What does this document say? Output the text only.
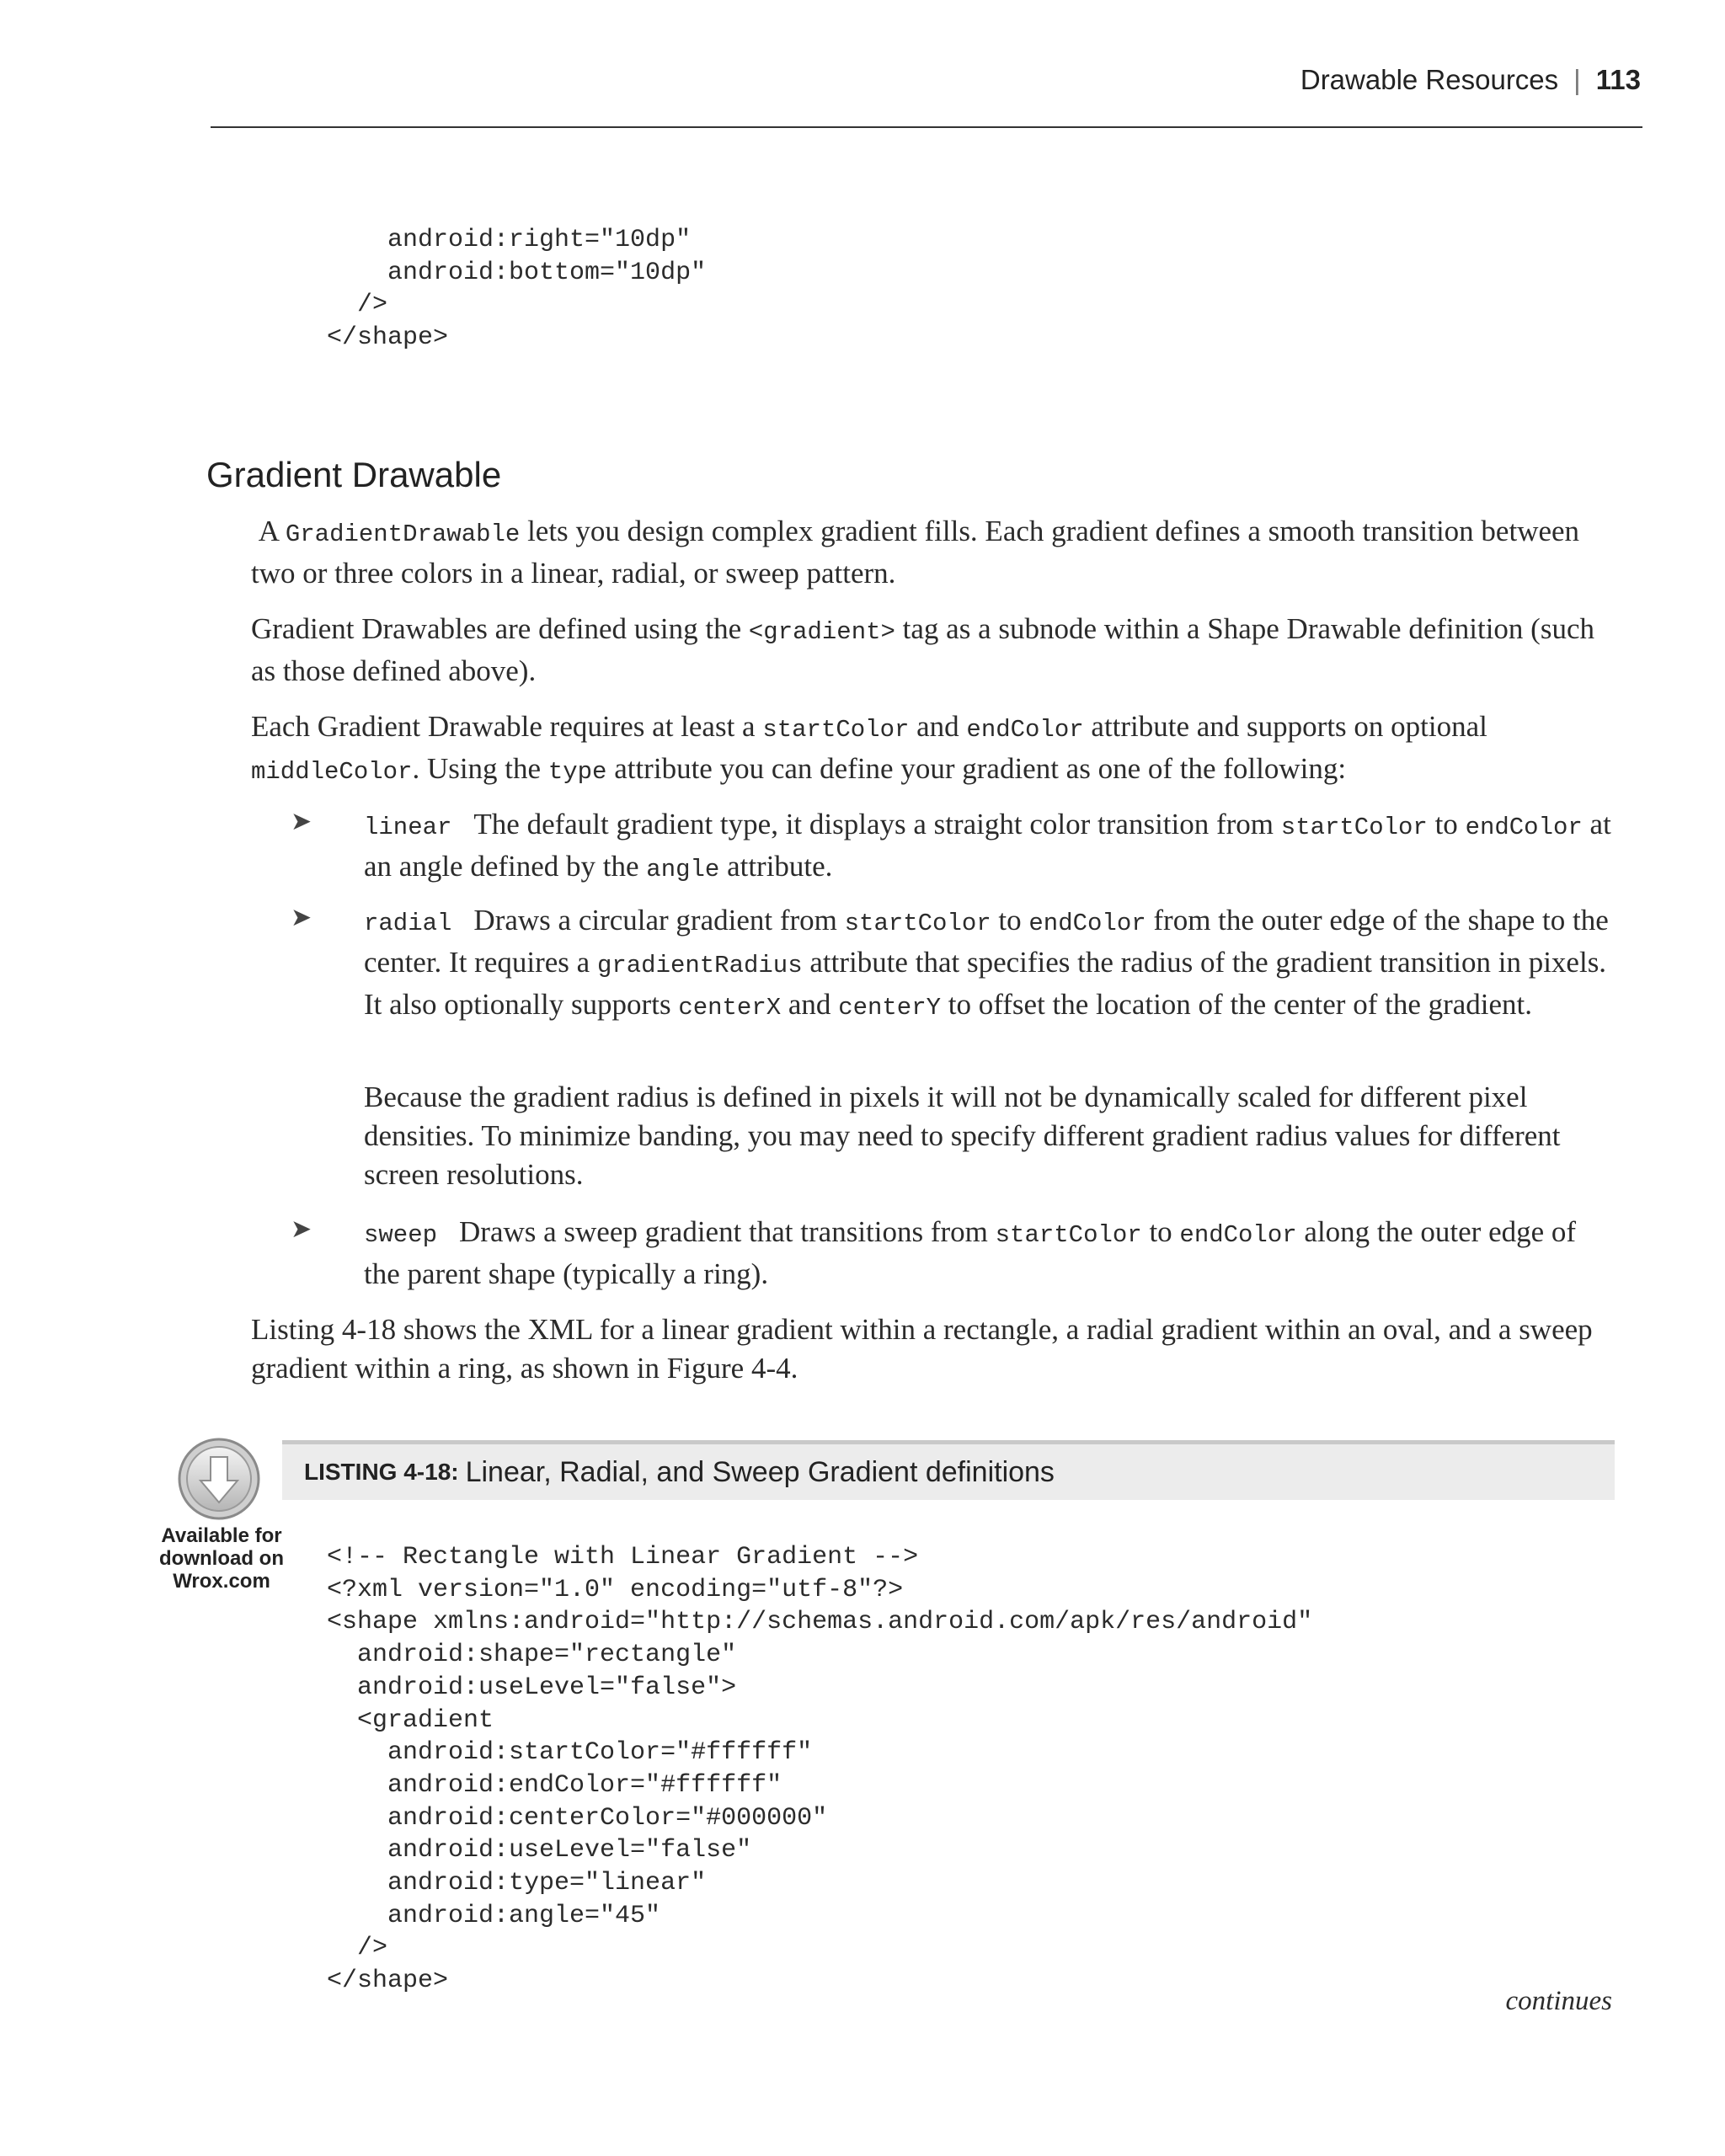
Drawable Resources | 113
android:right="10dp"
android:bottom="10dp"
/>
</shape>
Gradient Drawable

A GradientDrawable lets you design complex gradient fills. Each gradient defines a smooth transition between two or three colors in a linear, radial, or sweep pattern.

Gradient Drawables are defined using the <gradient> tag as a subnode within a Shape Drawable definition (such as those defined above).

Each Gradient Drawable requires at least a startColor and endColor attribute and supports on optional middleColor. Using the type attribute you can define your gradient as one of the following:

➤ linear The default gradient type, it displays a straight color transition from startColor to endColor at an angle defined by the angle attribute.
➤ radial Draws a circular gradient from startColor to endColor from the outer edge of the shape to the center. It requires a gradientRadius attribute that specifies the radius of the gradient transition in pixels. It also optionally supports centerX and centerY to offset the location of the center of the gradient.
Because the gradient radius is defined in pixels it will not be dynamically scaled for different pixel densities. To minimize banding, you may need to specify different gradient radius values for different screen resolutions.
➤ sweep Draws a sweep gradient that transitions from startColor to endColor along the outer edge of the parent shape (typically a ring).
Listing 4-18 shows the XML for a linear gradient within a rectangle, a radial gradient within an oval, and a sweep gradient within a ring, as shown in Figure 4-4.
LISTING 4-18: Linear, Radial, and Sweep Gradient definitions
Available for
download on
Wrox.com
<!-- Rectangle with Linear Gradient -->
<?xml version="1.0" encoding="utf-8"?>
<shape xmlns:android="http://schemas.android.com/apk/res/android"
android:shape="rectangle"
android:useLevel="false">
<gradient
android:startColor="#ffffff"
android:endColor="#ffffff"
android:centerColor="#000000"
android:useLevel="false"
android:type="linear"
android:angle="45"
/>
</shape>
continues
